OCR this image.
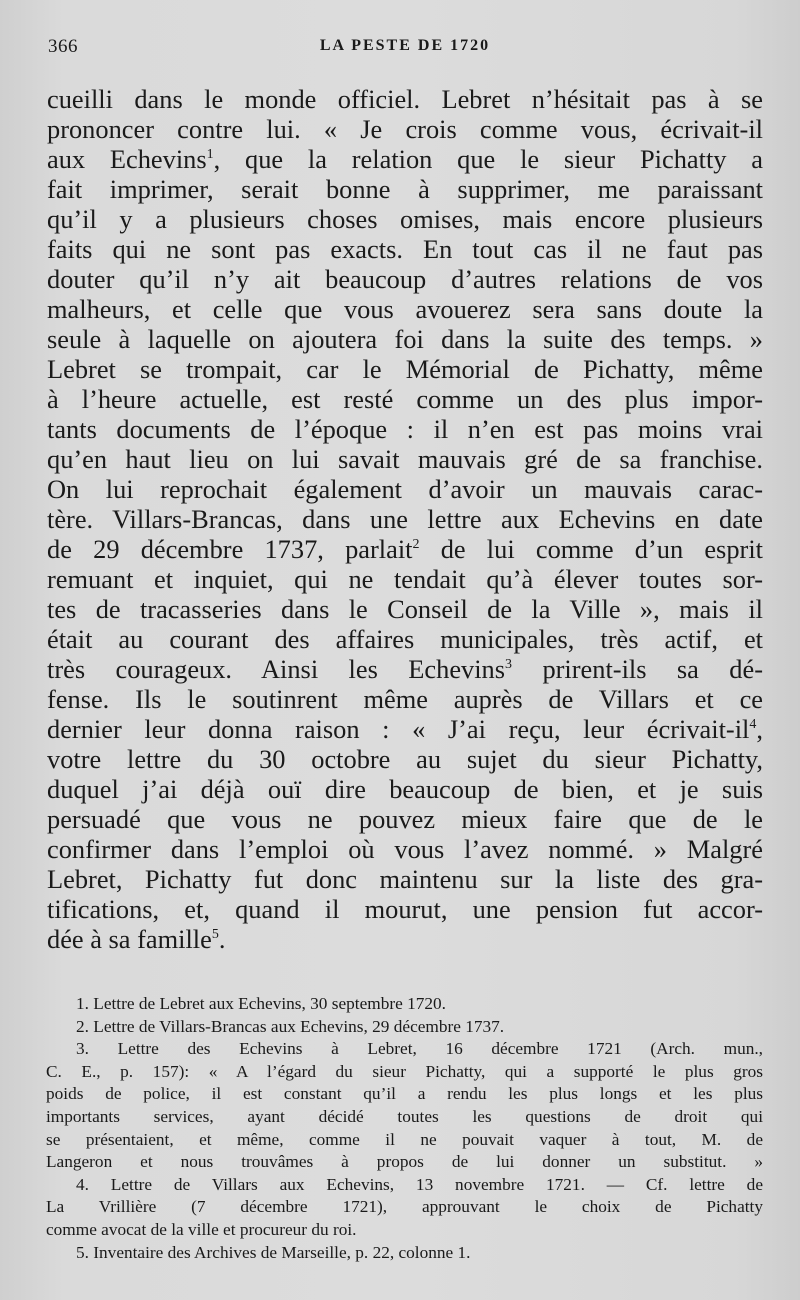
366	LA PESTE DE 1720
cueilli dans le monde officiel. Lebret n’hésitait pas à se
prononcer contre lui. « Je crois comme vous, écrivait-il
aux Echevins$^1$, que la relation que le sieur Pichatty a
fait imprimer, serait bonne à supprimer, me paraissant
qu’il y a plusieurs choses omises, mais encore plusieurs
faits qui ne sont pas exacts. En tout cas il ne faut pas
douter qu’il n’y ait beaucoup d’autres relations de vos
malheurs, et celle que vous avouerez sera sans doute la
seule à laquelle on ajoutera foi dans la suite des temps. »
Lebret se trompait, car le Mémorial de Pichatty, même
à l’heure actuelle, est resté comme un des plus impor-
tants documents de l’époque : il n’en est pas moins vrai
qu’en haut lieu on lui savait mauvais gré de sa franchise.
On lui reprochait également d’avoir un mauvais carac-
tère. Villars-Brancas, dans une lettre aux Echevins en date
de 29 décembre 1737, parlait$^2$ de lui comme d’un esprit
remuant et inquiet, qui ne tendait qu’à élever toutes sor-
tes de tracasseries dans le Conseil de la Ville », mais il
était au courant des affaires municipales, très actif, et
très courageux. Ainsi les Echevins$^3$ prirent-ils sa dé-
fense. Ils le soutinrent même auprès de Villars et ce
dernier leur donna raison : « J’ai reçu, leur écrivait-$il^4$,
votre lettre du 30 octobre au sujet du sieur Pichatty,
duquel j’ai déjà ouï dire beaucoup de bien, et je suis
persuadé que vous ne pouvez mieux faire que de le
confirmer dans l’emploi où vous l’avez nommé. » Malgré
Lebret, Pichatty fut donc maintenu sur la liste des gra-
tifications, et, quand il mourut, une pension fut accor-
dée à sa famille$^5$.
1. Lettre de Lebret aux Echevins, 30 septembre 1720.
2. Lettre de Villars-Brancas aux Echevins, 29 décembre 1737.
3. Lettre des Echevins à Lebret, 16 décembre 1721 (Arch. mun.,
C. E., p. 157): « A l’égard du sieur Pichatty, qui a supporté le plus gros
poids de police, il est constant qu’il a rendu les plus longs et les plus
importants services, ayant décidé toutes les questions de droit qui
se présentaient, et même, comme il ne pouvait vaquer à tout, M. de
Langeron et nous trouvâmes à propos de lui donner un substitut. »
4. Lettre de Villars aux Echevins, 13 novembre 1721. — Cf. lettre de
La Vrillière (7 décembre 1721), approuvant le choix de Pichatty
comme avocat de la ville et procureur du roi.
5. Inventaire des Archives de Marseille, p. 22, colonne 1.
